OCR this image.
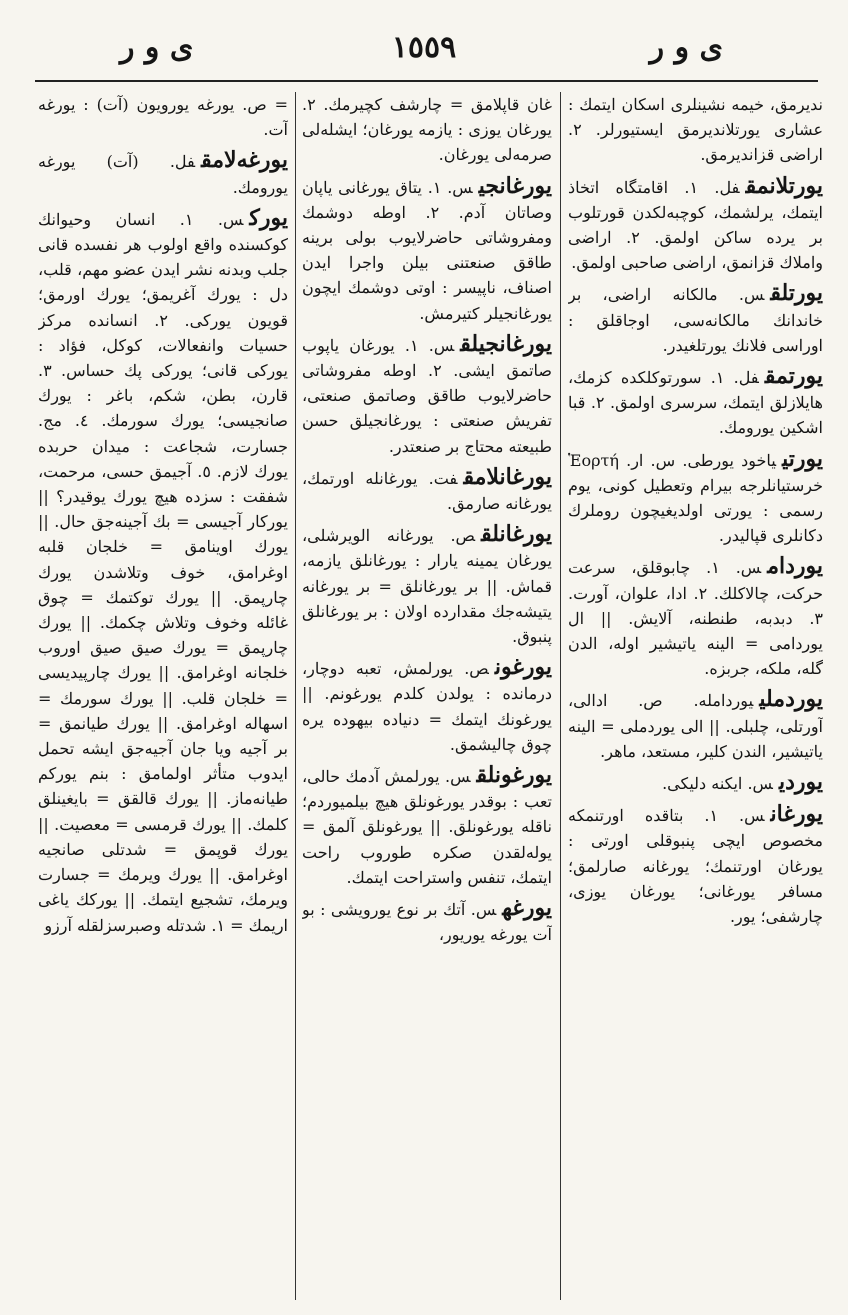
ی و ر	١٥٥٩	ی و ر
ندیرمق، خیمه نشینلری اسکان ایتمك : عشاری یورتلاندیرمق ایستیورلر. ٢. اراضی قزاندیرمق.
یورتلانمقفل. ١. اقامتگاه اتخاذ ایتمك، یرلشمك، کوچبه‌لکدن قورتلوب بر یرده ساکن اولمق. ٢. اراضی واملاك قزانمق، اراضی صاحبی اولمق.
یورتلقس. مالکانه اراضی، بر خاندانك مالکانه‌سی، اوجاقلق : اوراسی فلانك یورتلغیدر.
یورتمقفل. ١. سورتوکلکده کزمك، هایلازلق ایتمك، سرسری اولمق. ٢. قبا اشکین یورومك.
یورتییاخود یورطی. س. ار. Ἑορτή خرستیانلرجه بیرام وتعطیل کونی، یوم رسمی : یورتی اولدیغیچون روملرك دکانلری قپالیدر.
یوردامس. ١. چابوقلق، سرعت حرکت، چالاکلك. ٢. ادا، علوان، آورت. ٣. دبدبه، طنطنه، آلایش. || ال یوردامی = الینه یاتیشیر اوله، الدن گله، ملکه، جربزه.
یوردملییوردامله. ص. ادالی، آورتلی، چلبلی. || الی یوردملی = الینه یاتیشیر، الندن کلیر، مستعد، ماهر.
یوردیس. ایکنه دلیکی.
یورغانس. ١. بتاقده اورتنمکه مخصوص ایچی پنبوقلی اورتی : یورغان اورتنمك؛ یورغانه صارلمق؛ مسافر یورغانی؛ یورغان یوزی، چارشفی؛ یور.
غان قاپلامق = چارشف کچیرمك. ٢. یورغان یوزی : یازمه یورغان؛ ایشله‌لی صرمه‌لی یورغان.
یورغانجیس. ١. یتاق یورغانی یاپان وصاتان آدم. ٢. اوطه دوشمك ومفروشاتی حاضرلایوب بولی برینه طاقق صنعتنی بیلن واجرا ایدن اصناف، ناپیسر : اوتی دوشمك ایچون یورغانجیلر کتیرمش.
یورغانجیلقس. ١. یورغان یاپوب صاتمق ایشی. ٢. اوطه مفروشاتی حاضرلایوب طاقق وصاتمق صنعتی، تفریش صنعتی : یورغانجیلق حسن طبیعته محتاج بر صنعتدر.
یورغانلامقفت. یورغانله اورتمك، یورغانه صارمق.
یورغانلقص. یورغانه الویرشلی، یورغان یمینه یارار : یورغانلق یازمه، قماش. || بر یورغانلق = بر یورغانه یتیشه‌جك مقدارده اولان : بر یورغانلق پنبوق.
یورغونص. یورلمش، تعبه دوچار، درمانده : یولدن کلدم یورغونم. || یورغونك ایتمك = دنیاده بیهوده یره چوق چالیشمق.
یورغونلقس. یورلمش آدمك حالی، تعب : بوقدر یورغونلق هیچ بیلمیوردم؛ ناقله یورغونلق. || یورغونلق آلمق = یوله‌لقدن صکره طوروب راحت ایتمك، تنفس واستراحت ایتمك.
یورغهس. آتك بر نوع یورویشی : بو آت یورغه یوریور،
= ص. یورغه یورویون (آت) : یورغه آت.
یورغه‌لامقفل. (آت) یورغه یورومك.
یوركس. ١. انسان وحیوانك کوکسنده واقع اولوب هر نفسده قانی جلب وبدنه نشر ایدن عضو مهم، قلب، دل : یورك آغریمق؛ یورك اورمق؛ قویون یورکی. ٢. انسانده مرکز حسیات وانفعالات، کوکل، فؤاد : یورکی قانی؛ یورکی پك حساس. ٣. قارن، بطن، شکم، باغر : یورك صانجیسی؛ یورك سورمك. ٤. مج. جسارت، شجاعت : میدان حربده یورك لازم. ٥. آجیمق حسی، مرحمت، شفقت : سزده هیچ یورك یوقیدر؟ || یورکار آجیسی = بك آجینه‌جق حال. || یورك اوینامق = خلجان قلبه اوغرامق، خوف وتلاشدن یورك چارپمق. || یورك توکتمك = چوق غائله وخوف وتلاش چکمك. || یورك چارپمق = یورك صیق صیق اوروب خلجانه اوغرامق. || یورك چارپیدیسی = خلجان قلب. || یورك سورمك = اسهاله اوغرامق. || یورك طیانمق = بر آجیه ویا جان آجیه‌جق ایشه تحمل ایدوب متأثر اولمامق : بنم یورکم طیانه‌ماز. || یورك قالقق = بایغینلق کلمك. || یورك قرمسی = معصیت. || یورك قوپمق = شدتلی صانجیه اوغرامق. || یورك ویرمك = جسارت ویرمك، تشجیع ایتمك. || یورکك یاغی اریمك = ١. شدتله وصبرسزلقله آرزو
